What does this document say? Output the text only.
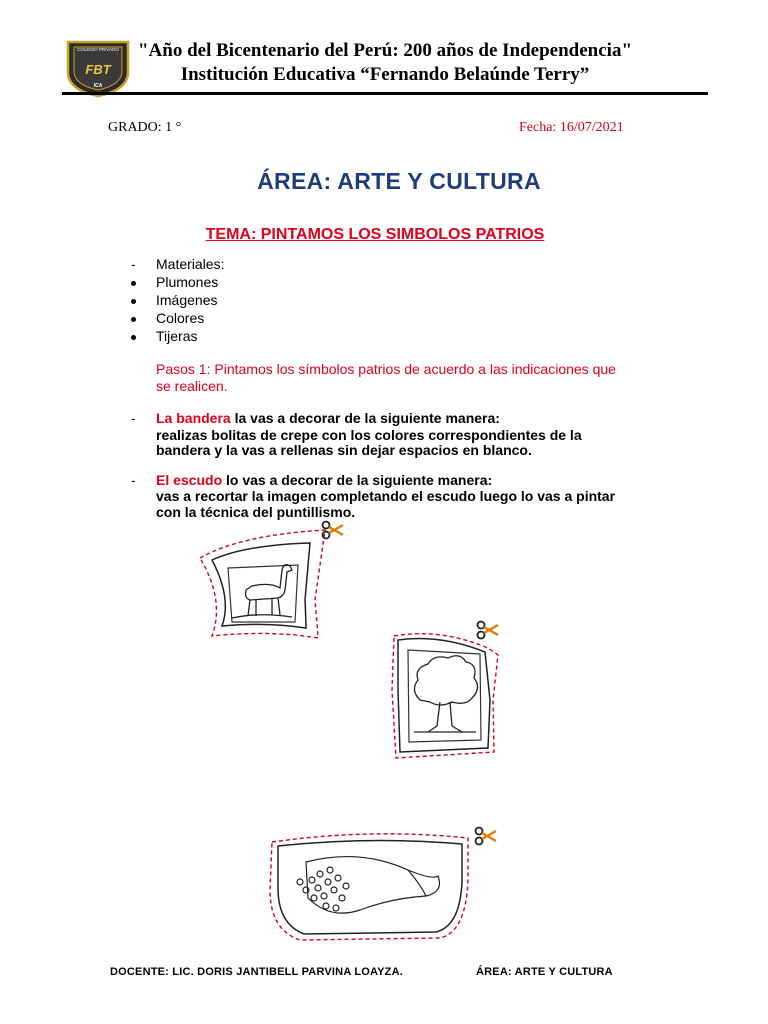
COLEGIO PRIVADO
FBT
ICA
"Año del Bicentenario del Perú: 200 años de Independencia"
Institución Educativa “Fernando Belaúnde Terry”
GRADO: 1 °	Fecha: 16/07/2021
ÁREA: ARTE Y CULTURA
TEMA: PINTAMOS LOS SIMBOLOS PATRIOS
- Materiales:
Plumones
Imágenes
Colores
Tijeras
Pasos 1: Pintamos los símbolos patrios de acuerdo a las indicaciones que
se realicen.
- La bandera la vas a decorar de la siguiente manera:
realizas bolitas de crepe con los colores correspondientes de la
bandera y la vas a rellenas sin dejar espacios en blanco.
- El escudo lo vas a decorar de la siguiente manera:
vas a recortar la imagen completando el escudo luego lo vas a pintar
con la técnica del puntillismo.
DOCENTE: LIC. DORIS JANTIBELL PARVINA LOAYZA.	ÁREA: ARTE Y CULTURA
